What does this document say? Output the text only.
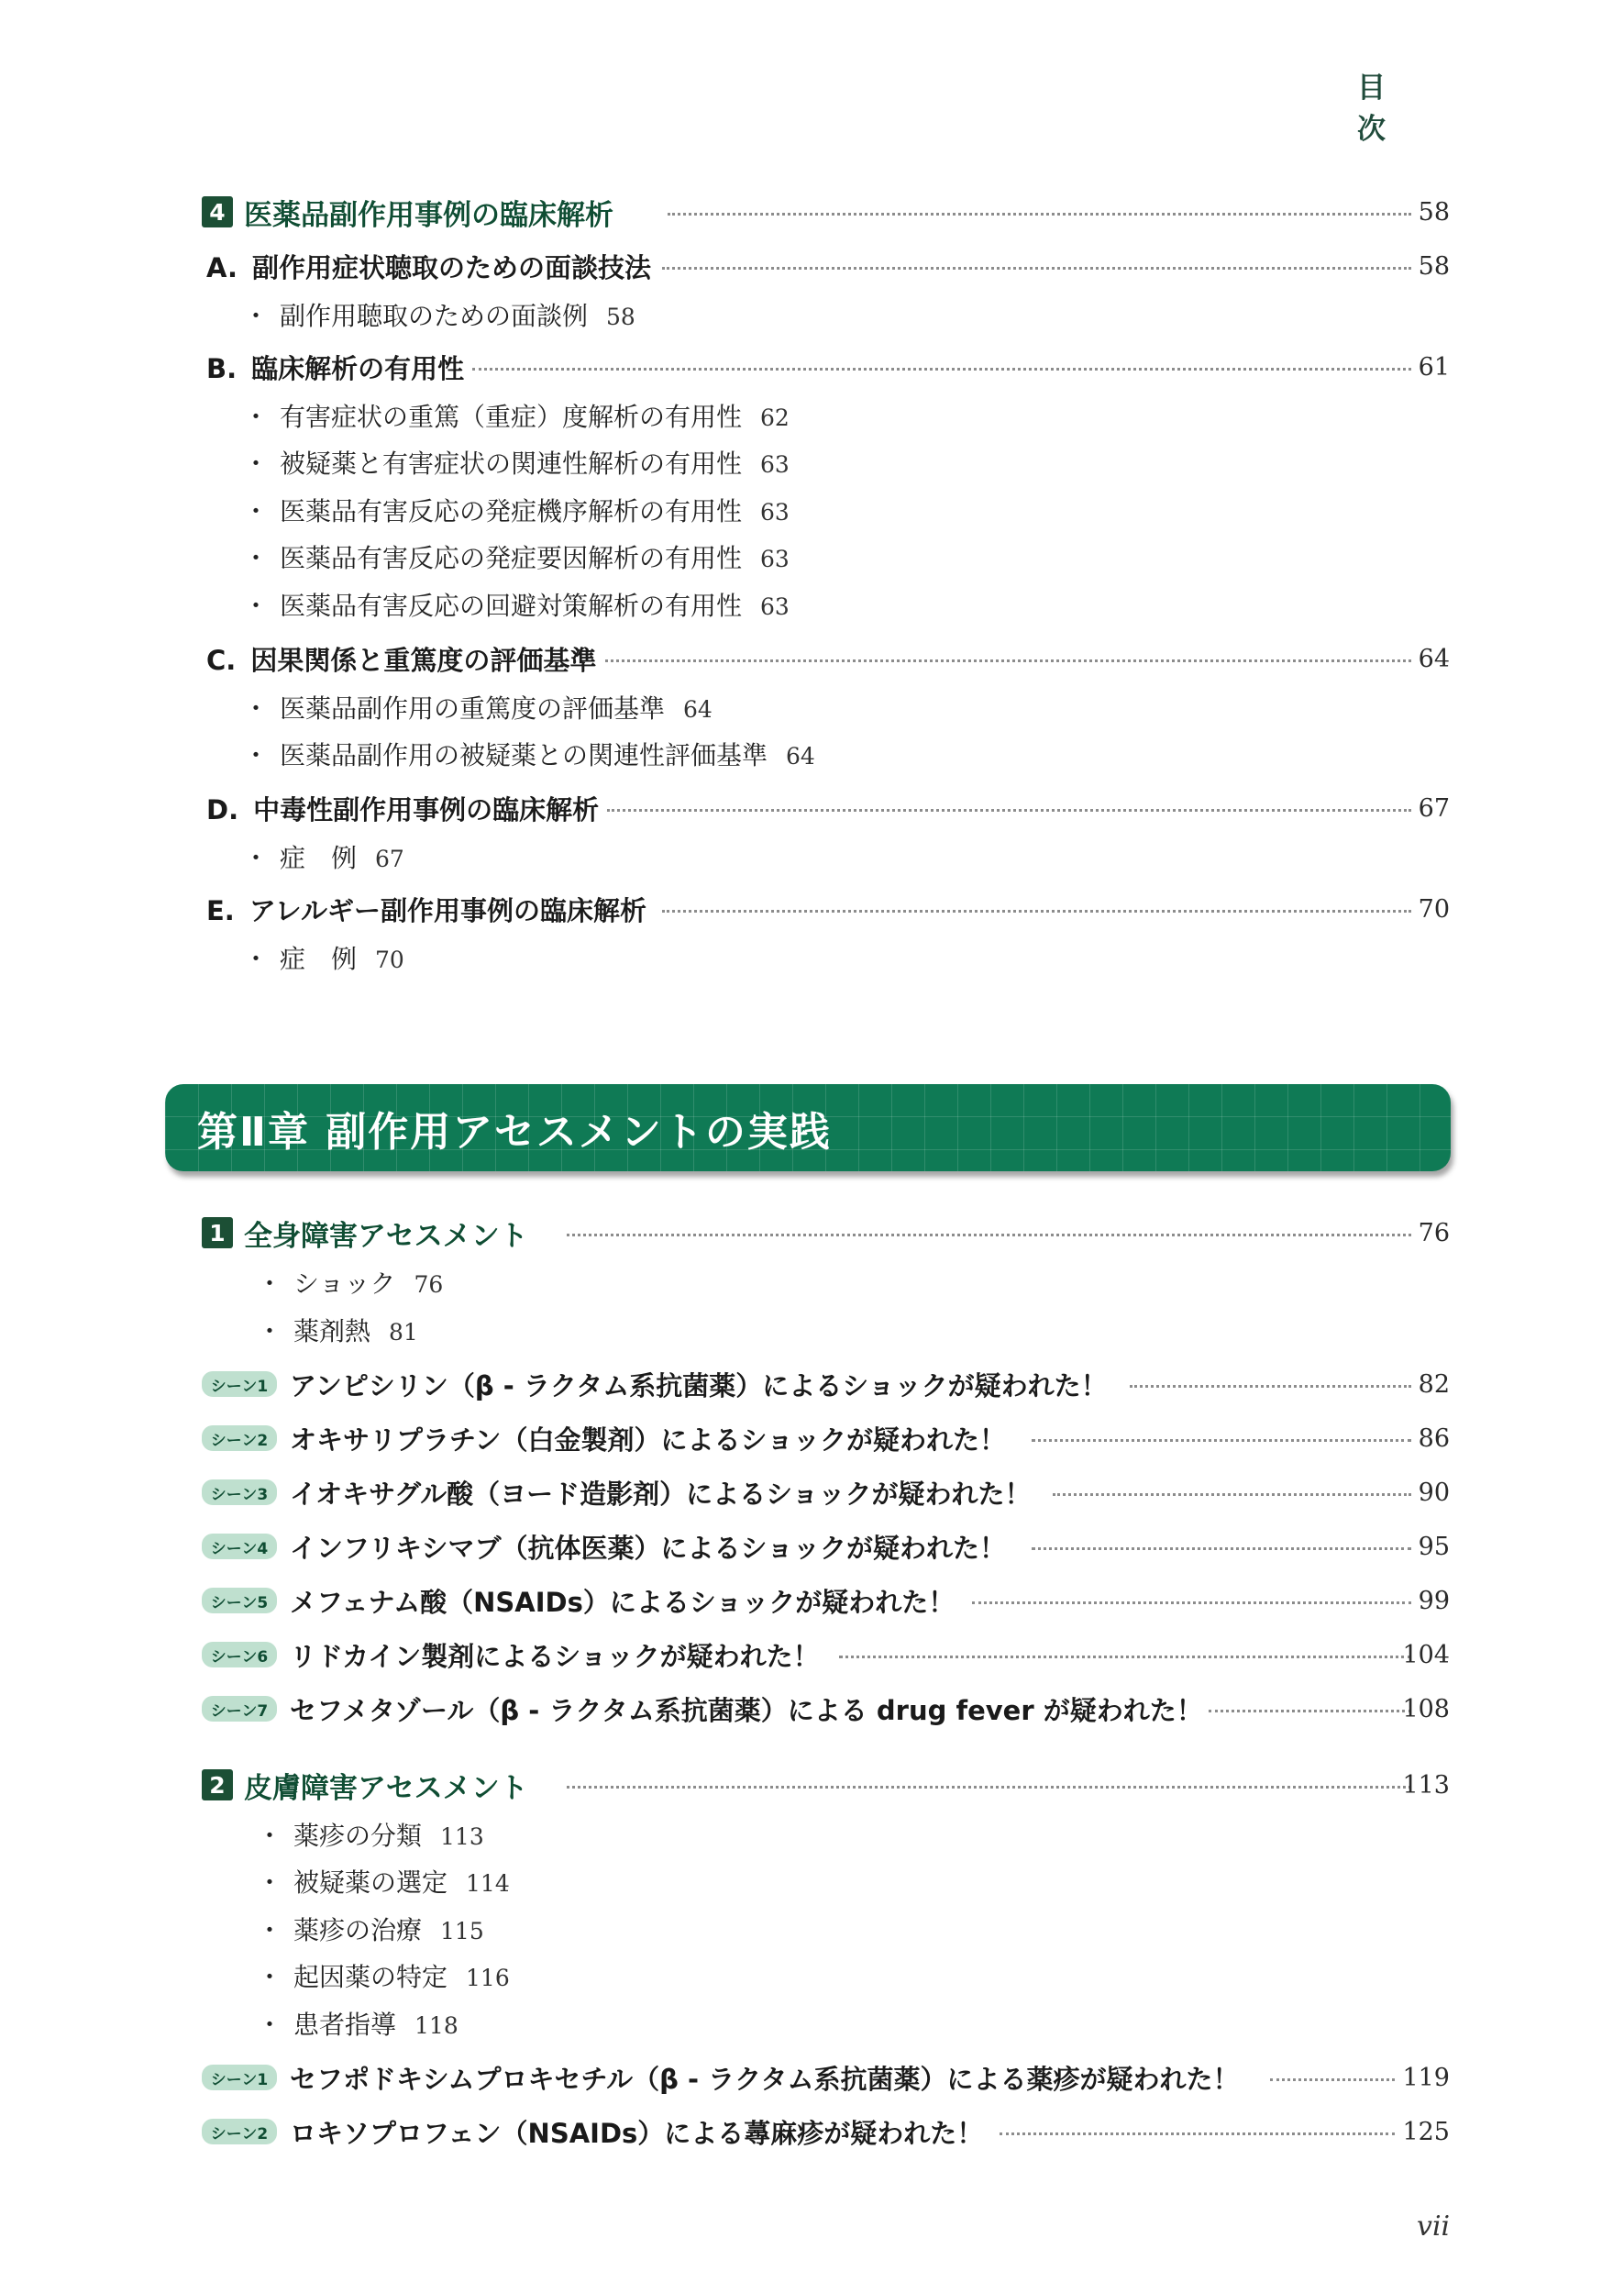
目 次
4 医薬品副作用事例の臨床解析	58
A. 副作用症状聴取のための面談技法	58
・ 副作用聴取のための面談例 58
B. 臨床解析の有用性	61
・ 有害症状の重篤（重症）度解析の有用性 62
・ 被疑薬と有害症状の関連性解析の有用性 63
・ 医薬品有害反応の発症機序解析の有用性 63
・ 医薬品有害反応の発症要因解析の有用性 63
・ 医薬品有害反応の回避対策解析の有用性 63
C. 因果関係と重篤度の評価基準	64
・ 医薬品副作用の重篤度の評価基準 64
・ 医薬品副作用の被疑薬との関連性評価基準 64
D. 中毒性副作用事例の臨床解析	67
・ 症　例 67
E. アレルギー副作用事例の臨床解析	70
・ 症　例 70
第Ⅱ章 副作用アセスメントの実践
1 全身障害アセスメント	76
・ ショック 76
・ 薬剤熱 81
シーン1 アンピシリン（β - ラクタム系抗菌薬）によるショックが疑われた！	82
シーン2 オキサリプラチン（白金製剤）によるショックが疑われた！	86
シーン3 イオキサグル酸（ヨード造影剤）によるショックが疑われた！	90
シーン4 インフリキシマブ（抗体医薬）によるショックが疑われた！	95
シーン5 メフェナム酸（NSAIDs）によるショックが疑われた！	99
シーン6 リドカイン製剤によるショックが疑われた！	104
シーン7 セフメタゾール（β - ラクタム系抗菌薬）による drug fever が疑われた！	108
2 皮膚障害アセスメント	113
・ 薬疹の分類 113
・ 被疑薬の選定 114
・ 薬疹の治療 115
・ 起因薬の特定 116
・ 患者指導 118
シーン1 セフポドキシムプロキセチル（β - ラクタム系抗菌薬）による薬疹が疑われた！	119
シーン2 ロキソプロフェン（NSAIDs）による蕁麻疹が疑われた！	125
vii
